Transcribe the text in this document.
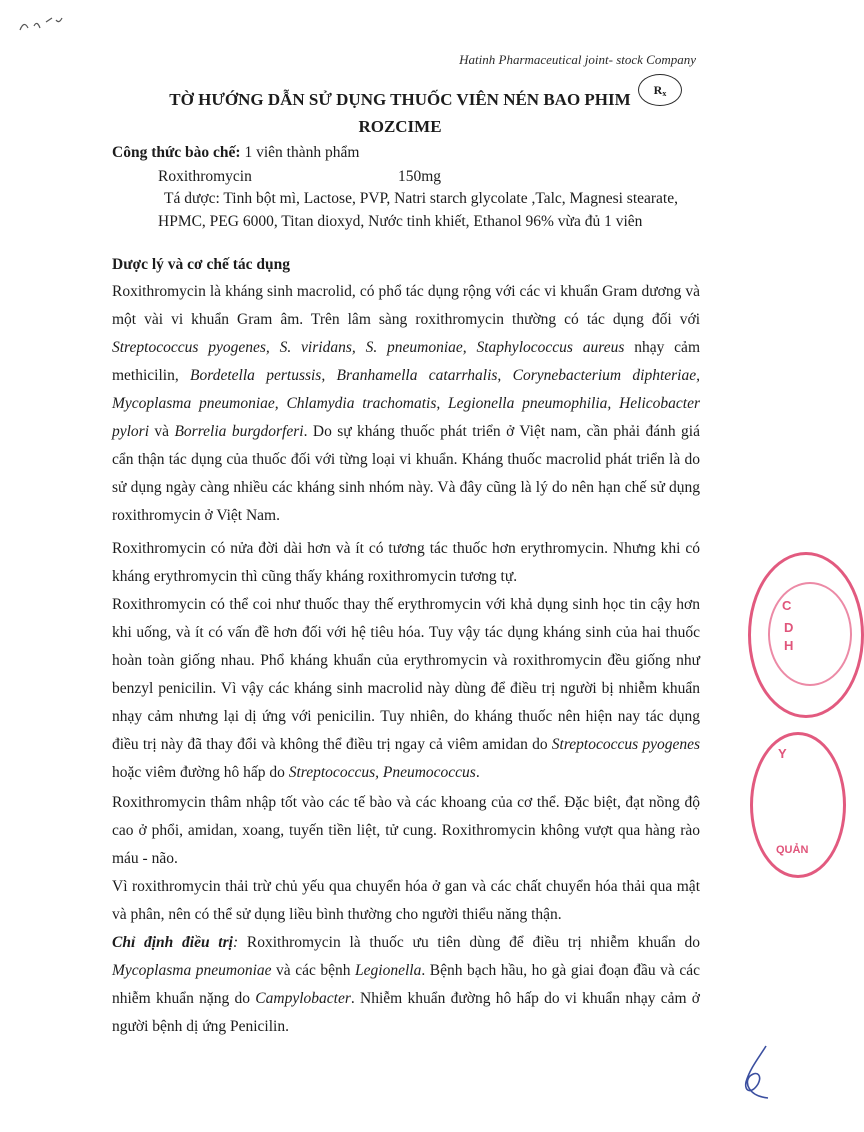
Hatinh Pharmaceutical joint- stock Company
$R_x$
TỜ HƯỚNG DẪN SỬ DỤNG THUỐC VIÊN NÉN BAO PHIM
ROZCIME
Công thức bào chế: 1 viên thành phẩm
Roxithromycin	150mg
Tá dược: Tinh bột mì, Lactose, PVP, Natri starch glycolate ,Talc, Magnesi stearate,
HPMC, PEG 6000, Titan dioxyd, Nước tinh khiết, Ethanol 96% vừa đủ 1 viên
Dược lý và cơ chế tác dụng
Roxithromycin là kháng sinh macrolid, có phổ tác dụng rộng với các vi khuẩn Gram dương và một vài vi khuẩn Gram âm. Trên lâm sàng roxithromycin thường có tác dụng đối với Streptococcus pyogenes, S. viridans, S. pneumoniae, Staphylococcus aureus nhạy cảm methicilin, Bordetella pertussis, Branhamella catarrhalis, Corynebacterium diphteriae, Mycoplasma pneumoniae, Chlamydia trachomatis, Legionella pneumophilia, Helicobacter pylori và Borrelia burgdorferi. Do sự kháng thuốc phát triển ở Việt nam, cần phải đánh giá cẩn thận tác dụng của thuốc đối với từng loại vi khuẩn. Kháng thuốc macrolid phát triển là do sử dụng ngày càng nhiều các kháng sinh nhóm này. Và đây cũng là lý do nên hạn chế sử dụng roxithromycin ở Việt Nam.
Roxithromycin có nửa đời dài hơn và ít có tương tác thuốc hơn erythromycin. Nhưng khi có kháng erythromycin thì cũng thấy kháng roxithromycin tương tự.
Roxithromycin có thể coi như thuốc thay thế erythromycin với khả dụng sinh học tin cậy hơn khi uống, và ít có vấn đề hơn đối với hệ tiêu hóa. Tuy vậy tác dụng kháng sinh của hai thuốc hoàn toàn giống nhau. Phổ kháng khuẩn của erythromycin và roxithromycin đều giống như benzyl penicilin. Vì vậy các kháng sinh macrolid này dùng để điều trị người bị nhiễm khuẩn nhạy cảm nhưng lại dị ứng với penicilin. Tuy nhiên, do kháng thuốc nên hiện nay tác dụng điều trị này đã thay đổi và không thể điều trị ngay cả viêm amidan do Streptococcus pyogenes hoặc viêm đường hô hấp do Streptococcus, Pneumococcus.
Roxithromycin thâm nhập tốt vào các tế bào và các khoang của cơ thể. Đặc biệt, đạt nồng độ cao ở phổi, amidan, xoang, tuyến tiền liệt, tử cung. Roxithromycin không vượt qua hàng rào máu - não.
Vì roxithromycin thải trừ chủ yếu qua chuyển hóa ở gan và các chất chuyển hóa thải qua mật và phân, nên có thể sử dụng liều bình thường cho người thiểu năng thận.
Chỉ định điều trị: Roxithromycin là thuốc ưu tiên dùng để điều trị nhiễm khuẩn do Mycoplasma pneumoniae và các bệnh Legionella. Bệnh bạch hầu, ho gà giai đoạn đầu và các nhiễm khuẩn nặng do Campylobacter. Nhiễm khuẩn đường hô hấp do vi khuẩn nhạy cảm ở người bệnh dị ứng Penicilin.
C
D
H
Y
QUẢN
